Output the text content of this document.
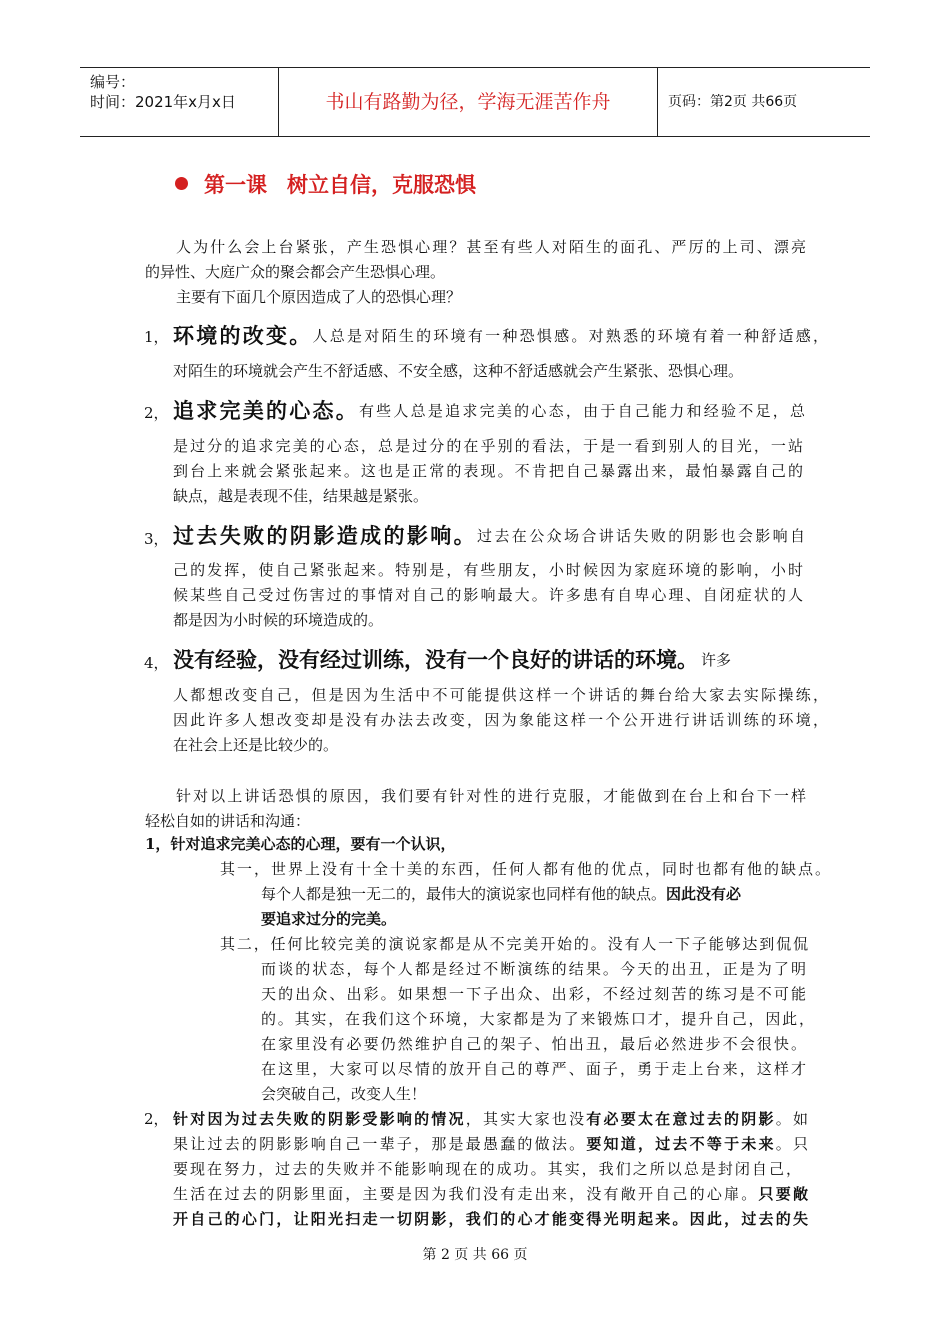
编号：
时间：2021年x月x日	书山有路勤为径，学海无涯苦作舟	页码：第2页 共66页
第一课 树立自信，克服恐惧
人为什么会上台紧张，产生恐惧心理？甚至有些人对陌生的面孔、严厉的上司、漂亮
的异性、大庭广众的聚会都会产生恐惧心理。
主要有下面几个原因造成了人的恐惧心理？
1， 环境的改变。人总是对陌生的环境有一种恐惧感。对熟悉的环境有着一种舒适感，
对陌生的环境就会产生不舒适感、不安全感，这种不舒适感就会产生紧张、恐惧心理。
2， 追求完美的心态。有些人总是追求完美的心态，由于自己能力和经验不足，总
是过分的追求完美的心态，总是过分的在乎别的看法，于是一看到别人的目光，一站
到台上来就会紧张起来。这也是正常的表现。不肯把自己暴露出来，最怕暴露自己的
缺点，越是表现不佳，结果越是紧张。
3， 过去失败的阴影造成的影响。过去在公众场合讲话失败的阴影也会影响自
己的发挥，使自己紧张起来。特别是，有些朋友，小时候因为家庭环境的影响，小时
候某些自己受过伤害过的事情对自己的影响最大。许多患有自卑心理、自闭症状的人
都是因为小时候的环境造成的。
4， 没有经验，没有经过训练，没有一个良好的讲话的环境。 许多
人都想改变自己，但是因为生活中不可能提供这样一个讲话的舞台给大家去实际操练，
因此许多人想改变却是没有办法去改变，因为象能这样一个公开进行讲话训练的环境，
在社会上还是比较少的。
针对以上讲话恐惧的原因，我们要有针对性的进行克服，才能做到在台上和台下一样
轻松自如的讲话和沟通：
1，针对追求完美心态的心理，要有一个认识，
其一，世界上没有十全十美的东西，任何人都有他的优点，同时也都有他的缺点。
每个人都是独一无二的，最伟大的演说家也同样有他的缺点。因此没有必
要追求过分的完美。
其二，任何比较完美的演说家都是从不完美开始的。没有人一下子能够达到侃侃
而谈的状态，每个人都是经过不断演练的结果。今天的出丑，正是为了明
天的出众、出彩。如果想一下子出众、出彩，不经过刻苦的练习是不可能
的。其实，在我们这个环境，大家都是为了来锻炼口才，提升自己，因此，
在家里没有必要仍然维护自己的架子、怕出丑，最后必然进步不会很快。
在这里，大家可以尽情的放开自己的尊严、面子，勇于走上台来，这样才
会突破自己，改变人生！
2， 针对因为过去失败的阴影受影响的情况，其实大家也没有必要太在意过去的阴影。如
果让过去的阴影影响自己一辈子，那是最愚蠢的做法。要知道，过去不等于未来。只
要现在努力，过去的失败并不能影响现在的成功。其实，我们之所以总是封闭自己，
生活在过去的阴影里面，主要是因为我们没有走出来，没有敞开自己的心扉。只要敞
开自己的心门，让阳光扫走一切阴影，我们的心才能变得光明起来。因此，过去的失
第 2 页 共 66 页
